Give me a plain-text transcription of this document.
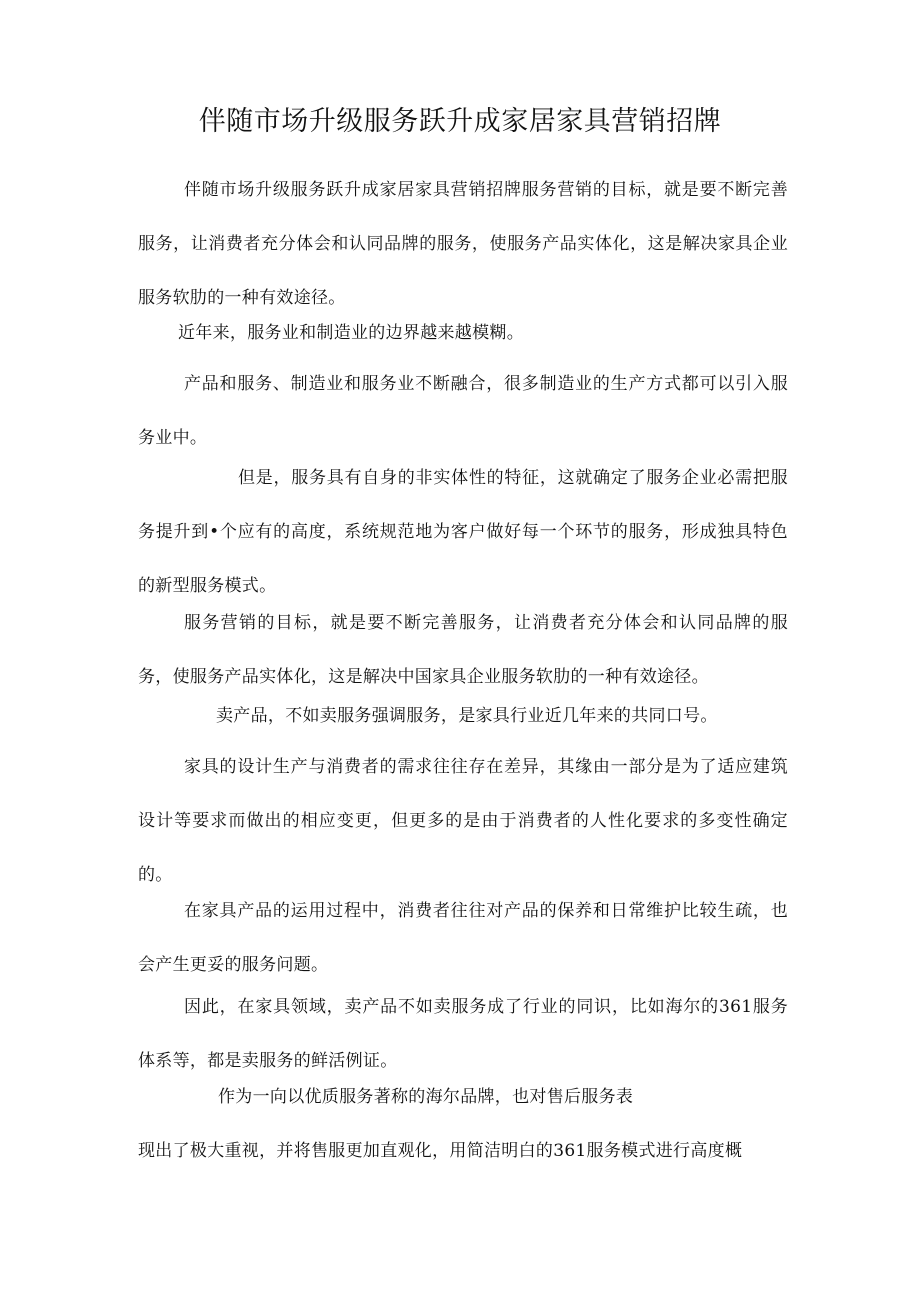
伴随市场升级服务跃升成家居家具营销招牌

伴随市场升级服务跃升成家居家具营销招牌服务营销的目标，就是要不断完善服务，让消费者充分体会和认同品牌的服务，使服务产品实体化，这是解决家具企业服务软肋的一种有效途径。

近年来，服务业和制造业的边界越来越模糊。

产品和服务、制造业和服务业不断融合，很多制造业的生产方式都可以引入服务业中。

但是，服务具有自身的非实体性的特征，这就确定了服务企业必需把服务提升到•个应有的高度，系统规范地为客户做好每一个环节的服务，形成独具特色的新型服务模式。

服务营销的目标，就是要不断完善服务，让消费者充分体会和认同品牌的服务，使服务产品实体化，这是解决中国家具企业服务软肋的一种有效途径。

卖产品，不如卖服务强调服务，是家具行业近几年来的共同口号。

家具的设计生产与消费者的需求往往存在差异，其缘由一部分是为了适应建筑设计等要求而做出的相应变更，但更多的是由于消费者的人性化要求的多变性确定的。

在家具产品的运用过程中，消费者往往对产品的保养和日常维护比较生疏，也会产生更妥的服务问题。

因此，在家具领域，卖产品不如卖服务成了行业的同识，比如海尔的361服务体系等，都是卖服务的鲜活例证。

作为一向以优质服务著称的海尔品牌，也对售后服务表

现出了极大重视，并将售服更加直观化，用简洁明白的361服务模式进行高度概
